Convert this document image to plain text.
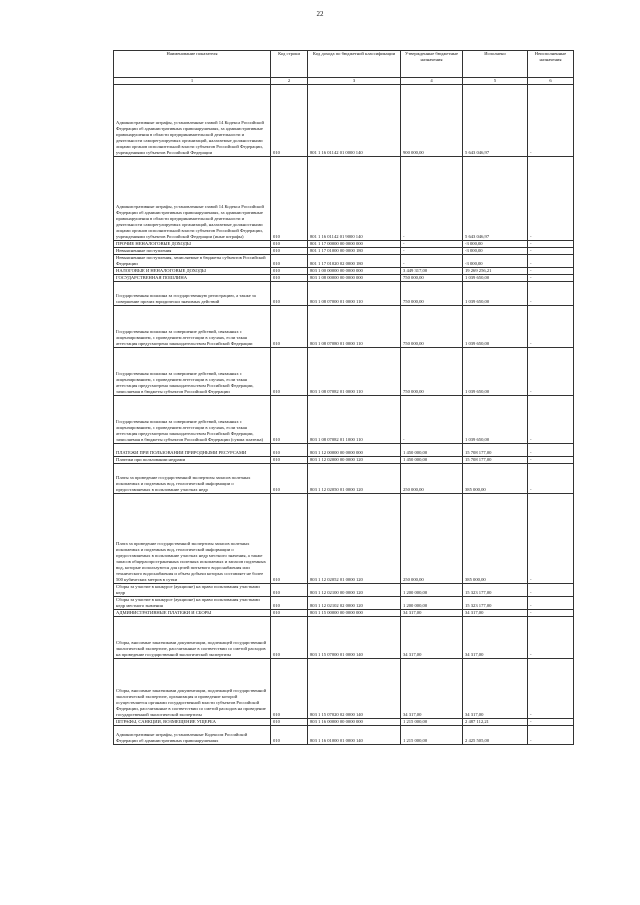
22
Наименование показателя	Код строки	Код дохода по бюджетной классификации	Утвержденные бюджетные назначения	Исполнено	Неисполненные назначения
1	2	3	4	5	6
Административные штрафы, установленные главой 14 Кодекса Российской Федерации об административных правонарушениях, за административные правонарушения в области предпринимательской деятельности и деятельности саморегулируемых организаций, налагаемые должностными лицами органов исполнительной власти субъектов Российской Федерации, учреждениями субъектов Российской Федерации	010	801 1 16 01142 01 0000 140	900 000,00	5 643 046,97	-
Административные штрафы, установленные главой 14 Кодекса Российской Федерации об административных правонарушениях, за административные правонарушения в области предпринимательской деятельности и деятельности саморегулируемых организаций, налагаемые должностными лицами органов исполнительной власти субъектов Российской Федерации, учреждениями субъектов Российской Федерации (иные штрафы)	010	801 1 16 01142 01 9000 140	-	5 643 046,97	-
ПРОЧИЕ НЕНАЛОГОВЫЕ ДОХОДЫ	010	801 1 17 00000 00 0000 000	-	-3 000,00	-
Невыясненные поступления	010	801 1 17 01000 00 0000 180	-	-3 000,00	-
Невыясненные поступления, зачисляемые в бюджеты субъектов Российской Федерации	010	801 1 17 01020 02 0000 180	-	-3 000,00	-
НАЛОГОВЫЕ И НЕНАЛОГОВЫЕ ДОХОДЫ	010	803 1 00 00000 00 0000 000	3 449 317,00	19 269 256,21	-
ГОСУДАРСТВЕННАЯ ПОШЛИНА	010	803 1 08 00000 00 0000 000	750 000,00	1 039 650,00	-
Государственная пошлина за государственную регистрацию, а также за совершение прочих юридически значимых действий	010	803 1 08 07000 01 0000 110	750 000,00	1 039 650,00	-
Государственная пошлина за совершение действий, связанных с лицензированием, с проведением аттестации в случаях, если такая аттестация предусмотрена законодательством Российской Федерации	010	803 1 08 07080 01 0000 110	750 000,00	1 039 650,00	-
Государственная пошлина за совершение действий, связанных с лицензированием, с проведением аттестации в случаях, если такая аттестация предусмотрена законодательством Российской Федерации, зачисляемая в бюджеты субъектов Российской Федерации	010	803 1 08 07082 01 0000 110	750 000,00	1 039 650,00	-
Государственная пошлина за совершение действий, связанных с лицензированием, с проведением аттестации в случаях, если такая аттестация предусмотрена законодательством Российской Федерации, зачисляемая в бюджеты субъектов Российской Федерации (сумма платежа)	010	803 1 08 07082 01 1000 110	-	1 039 650,00	-
ПЛАТЕЖИ ПРИ ПОЛЬЗОВАНИИ ПРИРОДНЫМИ РЕСУРСАМИ	010	803 1 12 00000 00 0000 000	1 450 000,00	15 708 177,00	-
Платежи при пользовании недрами	010	803 1 12 02000 00 0000 120	1 450 000,00	15 708 177,00	-
Платы за проведение государственной экспертизы запасов полезных ископаемых и подземных вод, геологической информации о предоставляемых в пользование участках недр	010	803 1 12 02050 01 0000 120	250 000,00	385 000,00	-
Плата за проведение государственной экспертизы запасов полезных ископаемых и подземных вод, геологической информации о предоставляемых в пользование участках недр местного значения, а также запасов общераспространенных полезных ископаемых и запасов подземных вод, которые используются для целей питьевого водоснабжения или технического водоснабжения и объем добычи которых составляет не более 500 кубических метров в сутки	010	803 1 12 02052 01 0000 120	250 000,00	385 000,00	-
Сборы за участие в конкурсе (аукционе) на право пользования участками недр	010	803 1 12 02100 00 0000 120	1 200 000,00	15 323 177,00	-
Сборы за участие в конкурсе (аукционе) на право пользования участками недр местного значения	010	803 1 12 02102 02 0000 120	1 200 000,00	15 323 177,00	-
АДМИНИСТРАТИВНЫЕ ПЛАТЕЖИ И СБОРЫ	010	803 1 15 00000 00 0000 000	34 317,00	34 317,00	-
Сборы, вносимые заказчиками документации, подлежащей государственной экологической экспертизе, рассчитанные в соответствии со сметой расходов на проведение государственной экологической экспертизы	010	803 1 15 07000 01 0000 140	34 317,00	34 317,00	-
Сборы, вносимые заказчиками документации, подлежащей государственной экологической экспертизе, организация и проведение которой осуществляется органами государственной власти субъектов Российской Федерации, рассчитанные в соответствии со сметой расходов на проведение государственной экологической экспертизы	010	803 1 15 07020 02 0000 140	34 317,00	34 317,00	-
ШТРАФЫ, САНКЦИИ, ВОЗМЕЩЕНИЕ УЩЕРБА	010	803 1 16 00000 00 0000 000	1 215 000,00	2 487 112,21	-
Административные штрафы, установленные Кодексом Российской Федерации об административных правонарушениях	010	803 1 16 01000 01 0000 140	1 215 000,00	2 425 505,00	-
